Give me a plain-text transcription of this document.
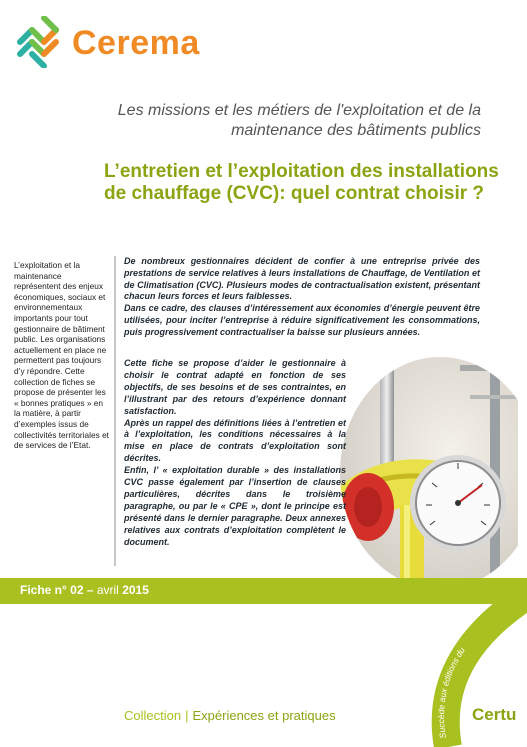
Cerema
Les missions et les métiers de l'exploitation et de la maintenance des bâtiments publics
L’entretien et l’exploitation des installations de chauffage (CVC): quel contrat choisir ?
L’exploitation et la maintenance représentent des enjeux économiques, sociaux et environnementaux importants pour tout gestionnaire de bâtiment public. Les organisations actuellement en place ne permettent pas toujours d’y répondre. Cette collection de fiches se propose de présenter les « bonnes pratiques » en la matière, à partir d’exemples issus de collectivités territoriales et de services de l’Etat.

De nombreux gestionnaires décident de confier à une entreprise privée des prestations de service relatives à leurs installations de Chauffage, de Ventilation et de Climatisation (CVC). Plusieurs modes de contractualisation existent, présentant chacun leurs forces et leurs faiblesses.

Dans ce cadre, des clauses d’intéressement aux économies d’énergie peuvent être utilisées, pour inciter l’entreprise à réduire significativement les consommations, puis progressivement contractualiser la baisse sur plusieurs années.

Cette fiche se propose d’aider le gestionnaire à choisir le contrat adapté en fonction de ses objectifs, de ses besoins et de ses contraintes, en l’illustrant par des retours d’expérience donnant satisfaction.

Après un rappel des définitions liées à l’entretien et à l’exploitation, les conditions nécessaires à la mise en place de contrats d’exploitation sont décrites.

Enfin, l’ « exploitation durable » des installations CVC passe également par l’insertion de clauses particulières, décrites dans le troisième paragraphe, ou par le « CPE », dont le principe est présenté dans le dernier paragraphe. Deux annexes relatives aux contrats d’exploitation complètent le document.

Fiche n° 02 – avril 2015
Succède aux éditions du
Collection | Expériences et pratiques	Certu
